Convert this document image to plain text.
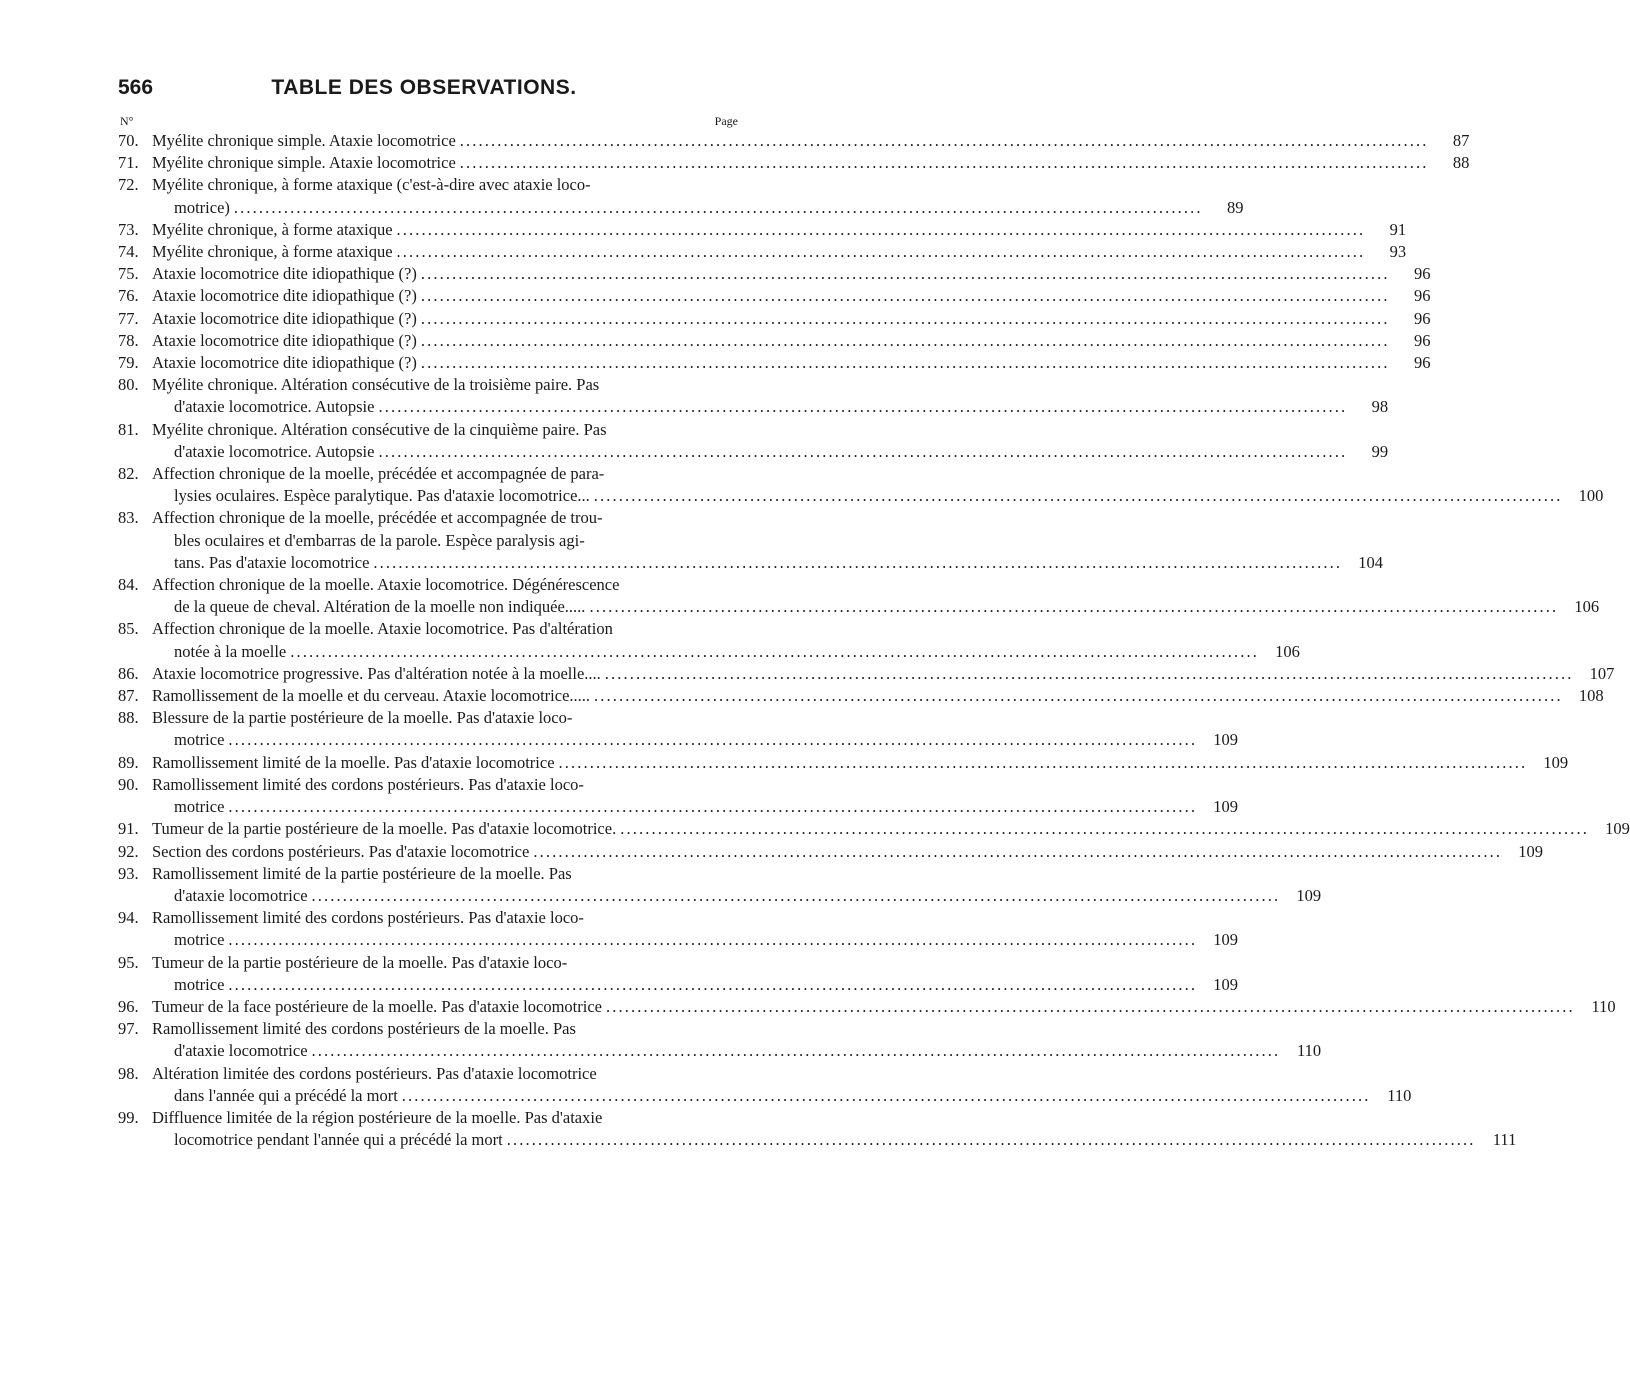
566	TABLE DES OBSERVATIONS.
N°	Page
70. Myélite chronique simple. Ataxie locomotrice . . .	87
71. Myélite chronique simple. Ataxie locomotrice . . .	88
72. Myélite chronique, à forme ataxique (c'est-à-dire avec ataxie loco-
motrice) . . .	89
73. Myélite chronique, à forme ataxique . . .	91
74. Myélite chronique, à forme ataxique . . .	93
75. Ataxie locomotrice dite idiopathique (?) . . .	96
76. Ataxie locomotrice dite idiopathique (?) . . .	96
77. Ataxie locomotrice dite idiopathique (?) . . .	96
78. Ataxie locomotrice dite idiopathique (?) . . .	96
79. Ataxie locomotrice dite idiopathique (?) . . .	96
80. Myélite chronique. Altération consécutive de la troisième paire. Pas
d'ataxie locomotrice. Autopsie . . .	98
81. Myélite chronique. Altération consécutive de la cinquième paire. Pas
d'ataxie locomotrice. Autopsie . . .	99
82. Affection chronique de la moelle, précédée et accompagnée de para-
lysies oculaires. Espèce paralytique. Pas d'ataxie locomotrice... . . .	100
83. Affection chronique de la moelle, précédée et accompagnée de trou-
bles oculaires et d'embarras de la parole. Espèce paralysis agi-
tans. Pas d'ataxie locomotrice . . .	104
84. Affection chronique de la moelle. Ataxie locomotrice. Dégénérescence
de la queue de cheval. Altération de la moelle non indiquée..... . . .	106
85. Affection chronique de la moelle. Ataxie locomotrice. Pas d'altération
notée à la moelle . . .	106
86. Ataxie locomotrice progressive. Pas d'altération notée à la moelle.... . . .	107
87. Ramollissement de la moelle et du cerveau. Ataxie locomotrice..... . . .	108
88. Blessure de la partie postérieure de la moelle. Pas d'ataxie loco-
motrice . . .	109
89. Ramollissement limité de la moelle. Pas d'ataxie locomotrice . . .	109
90. Ramollissement limité des cordons postérieurs. Pas d'ataxie loco-
motrice . . .	109
91. Tumeur de la partie postérieure de la moelle. Pas d'ataxie locomotrice. . . .	109
92. Section des cordons postérieurs. Pas d'ataxie locomotrice . . .	109
93. Ramollissement limité de la partie postérieure de la moelle. Pas
d'ataxie locomotrice . . .	109
94. Ramollissement limité des cordons postérieurs. Pas d'ataxie loco-
motrice . . .	109
95. Tumeur de la partie postérieure de la moelle. Pas d'ataxie loco-
motrice . . .	109
96. Tumeur de la face postérieure de la moelle. Pas d'ataxie locomotrice . . .	110
97. Ramollissement limité des cordons postérieurs de la moelle. Pas
d'ataxie locomotrice . . .	110
98. Altération limitée des cordons postérieurs. Pas d'ataxie locomotrice
dans l'année qui a précédé la mort . . .	110
99. Diffluence limitée de la région postérieure de la moelle. Pas d'ataxie
locomotrice pendant l'année qui a précédé la mort . . .	111
